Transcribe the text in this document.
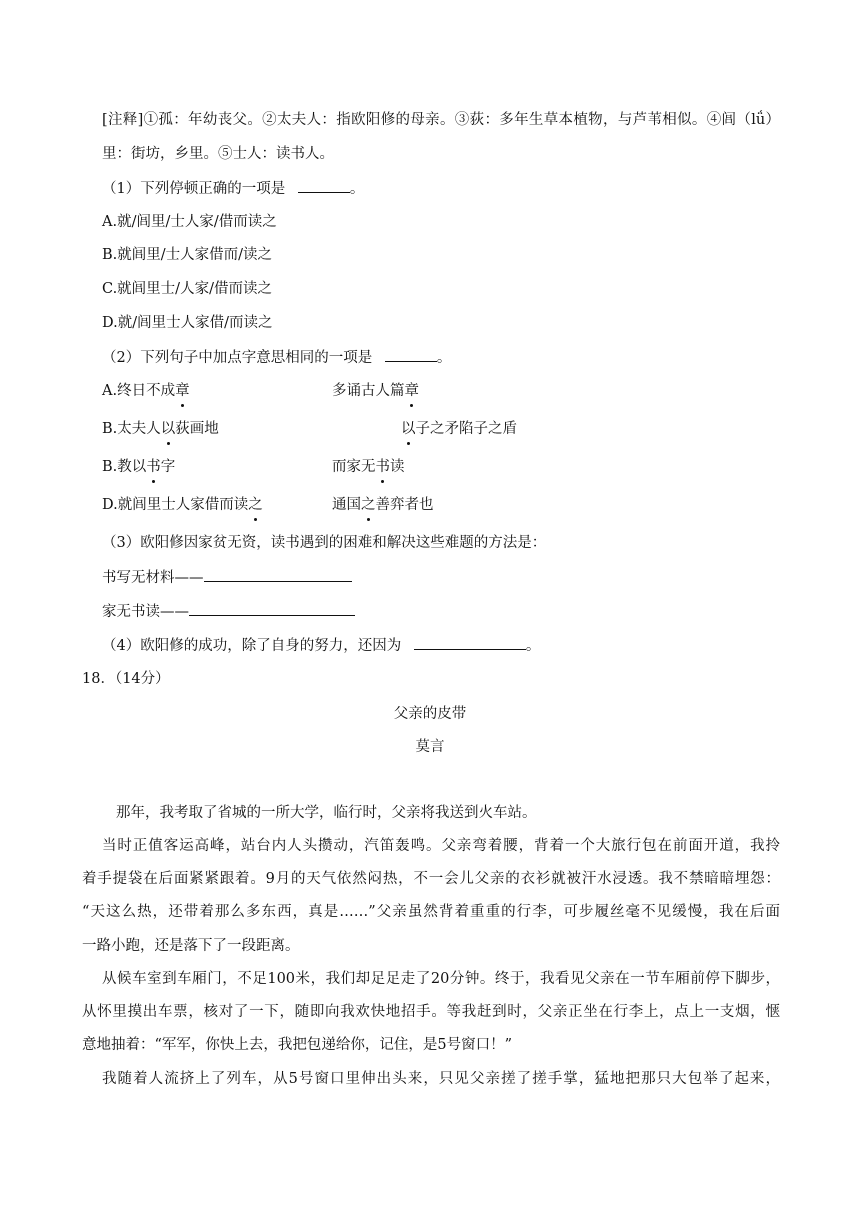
[注释]①孤：年幼丧父。②太夫人：指欧阳修的母亲。③荻：多年生草本植物，与芦苇相似。④闾（lǘ）
里：街坊，乡里。⑤士人：读书人。
（1）下列停顿正确的一项是	。
A.就/闾里/士人家/借而读之
B.就闾里/士人家借而/读之
C.就闾里士/人家/借而读之
D.就/闾里士人家借/而读之
（2）下列句子中加点字意思相同的一项是	。
A.终日不成章	多诵古人篇章
B.太夫人以荻画地	以子之矛陷子之盾
B.教以书字	而家无书读
D.就闾里士人家借而读之	通国之善弈者也
（3）欧阳修因家贫无资，读书遇到的困难和解决这些难题的方法是：
书写无材料——
家无书读——
（4）欧阳修的成功，除了自身的努力，还因为	。
18．（14分）
父亲的皮带
莫言
那年，我考取了省城的一所大学，临行时，父亲将我送到火车站。
当时正值客运高峰，站台内人头攒动，汽笛轰鸣。父亲弯着腰，背着一个大旅行包在前面开道，我拎
着手提袋在后面紧紧跟着。9月的天气依然闷热，不一会儿父亲的衣衫就被汗水浸透。我不禁暗暗埋怨：
“天这么热，还带着那么多东西，真是……”父亲虽然背着重重的行李，可步履丝毫不见缓慢，我在后面
一路小跑，还是落下了一段距离。
从候车室到车厢门，不足100米，我们却足足走了20分钟。终于，我看见父亲在一节车厢前停下脚步，
从怀里摸出车票，核对了一下，随即向我欢快地招手。等我赶到时，父亲正坐在行李上，点上一支烟，惬
意地抽着：“军军，你快上去，我把包递给你，记住，是5号窗口！”
我随着人流挤上了列车，从5号窗口里伸出头来，只见父亲搓了搓手掌，猛地把那只大包举了起来，
